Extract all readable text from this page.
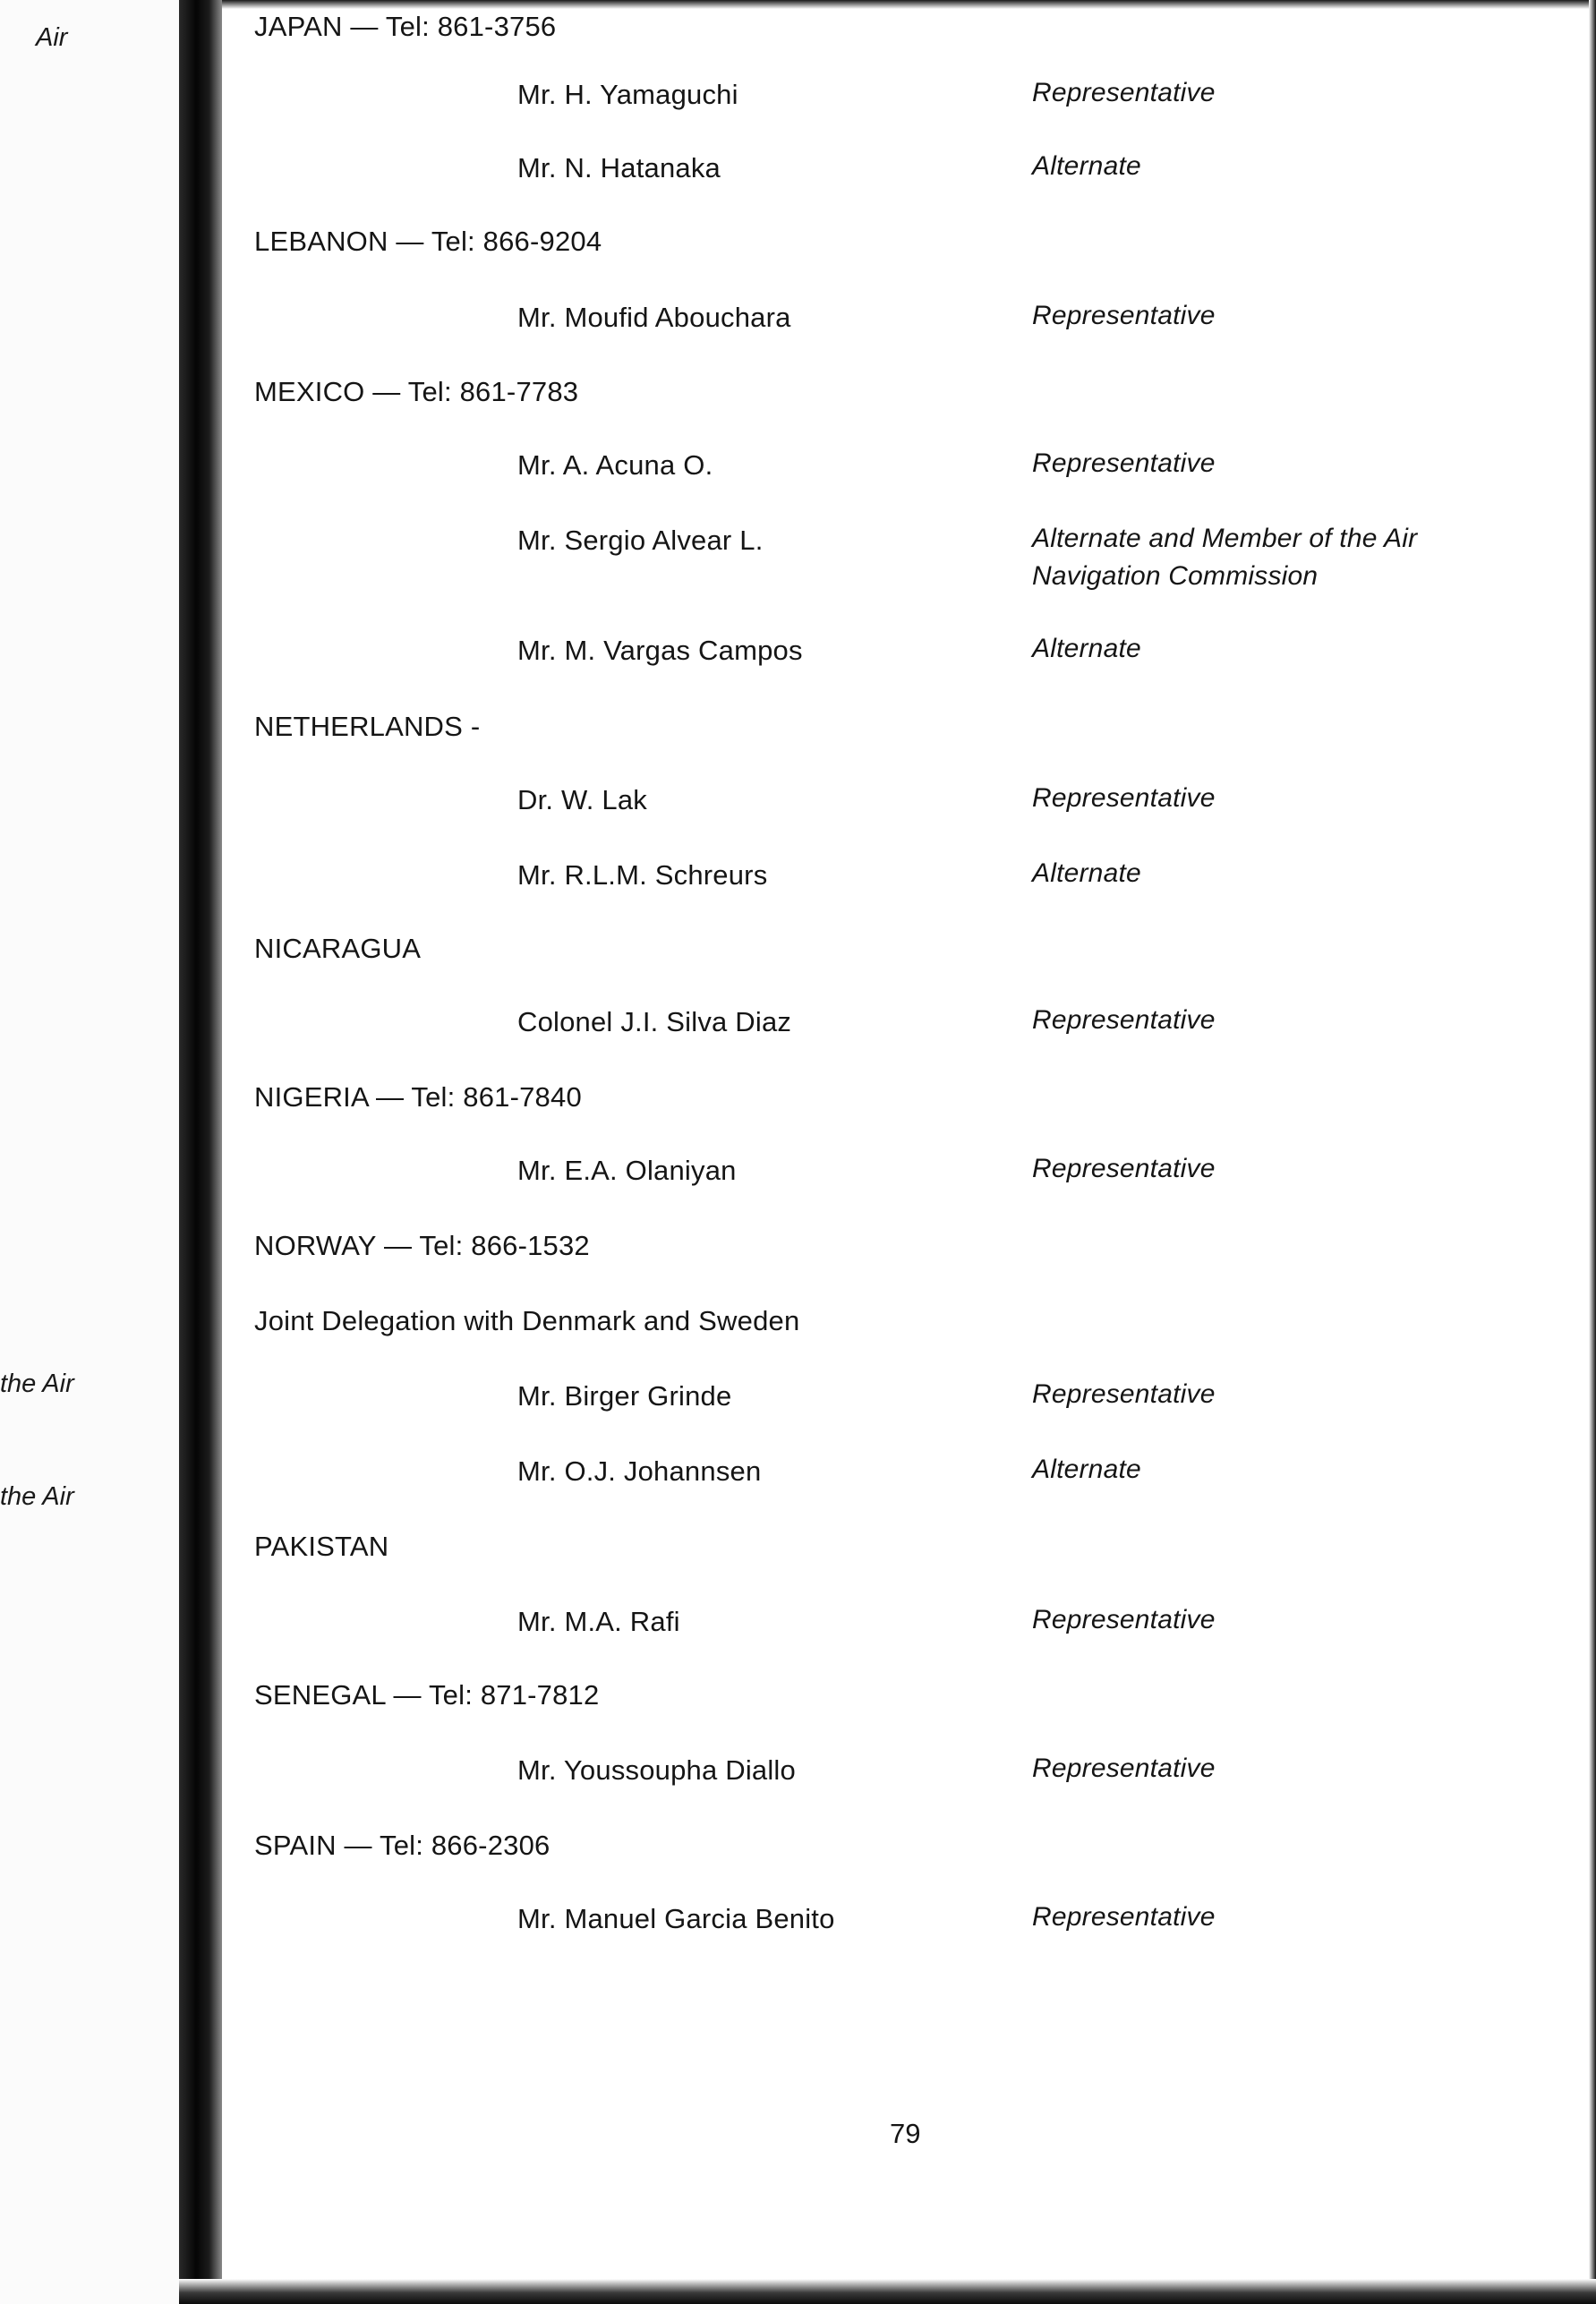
Air
the Air
the Air
JAPAN — Tel: 861-3756
Mr. H. Yamaguchi	Representative
Mr. N. Hatanaka	Alternate
LEBANON — Tel: 866-9204
Mr. Moufid Abouchara	Representative
MEXICO — Tel: 861-7783
Mr. A. Acuna O.	Representative
Mr. Sergio Alvear L.	Alternate and Member of the Air
Navigation Commission
Mr. M. Vargas Campos	Alternate
NETHERLANDS -
Dr. W. Lak	Representative
Mr. R.L.M. Schreurs	Alternate
NICARAGUA
Colonel J.I. Silva Diaz	Representative
NIGERIA — Tel: 861-7840
Mr. E.A. Olaniyan	Representative
NORWAY — Tel: 866-1532
Joint Delegation with Denmark and Sweden
Mr. Birger Grinde	Representative
Mr. O.J. Johannsen	Alternate
PAKISTAN
Mr. M.A. Rafi	Representative
SENEGAL — Tel: 871-7812
Mr. Youssoupha Diallo	Representative
SPAIN — Tel: 866-2306
Mr. Manuel Garcia Benito	Representative
79
